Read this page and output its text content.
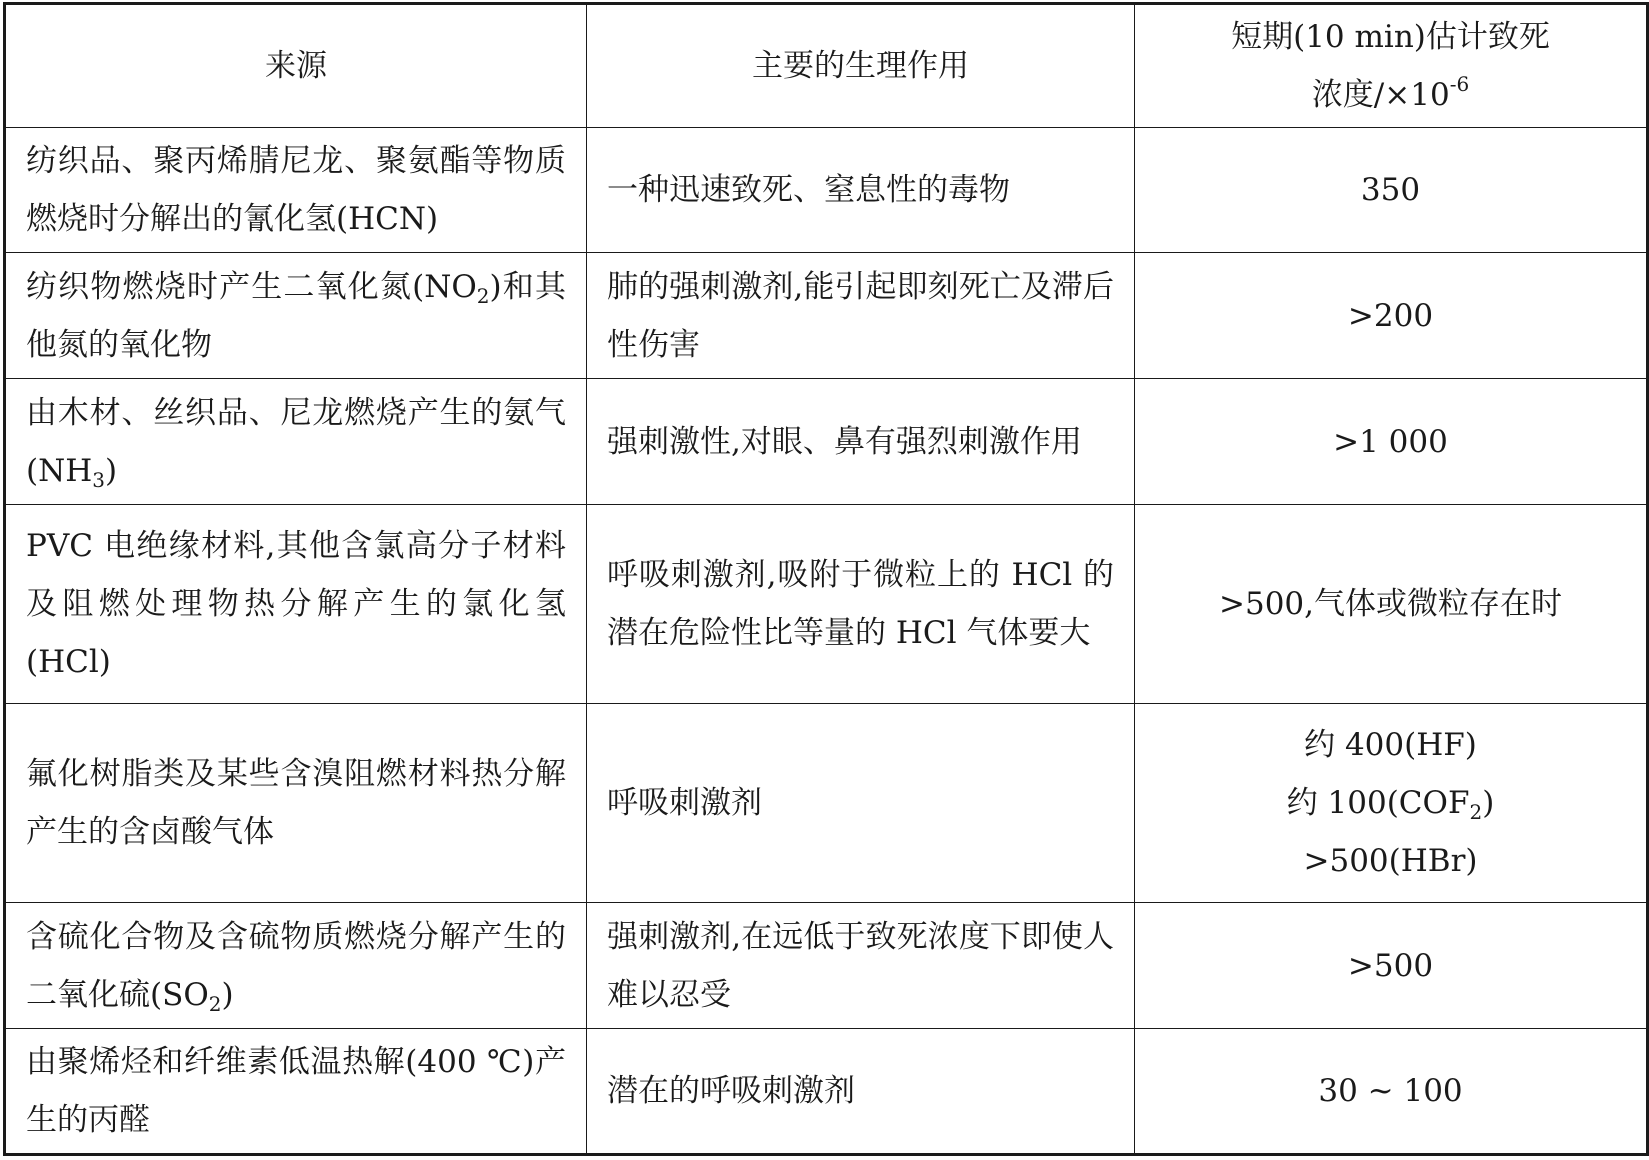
来源	主要的生理作用	短期(10 min)估计致死
浓度$/\times 10^{-6}$

纺织品、聚丙烯腈尼龙、聚氨酯等物质燃烧时分解出的氰化氢(HCN)	一种迅速致死、窒息性的毒物	350
纺织物燃烧时产生二氧化氮$(NO_2)$和其他氮的氧化物	肺的强刺激剂,能引起即刻死亡及滞后性伤害	>200
由木材、丝织品、尼龙燃烧产生的氨气$(NH_3)$	强刺激性,对眼、鼻有强烈刺激作用	>1 000
PVC 电绝缘材料,其他含氯高分子材料及阻燃处理物热分解产生的氯化氢(HCl)	呼吸刺激剂,吸附于微粒上的 HCl 的潜在危险性比等量的 HCl 气体要大	>500,气体或微粒存在时
氟化树脂类及某些含溴阻燃材料热分解产生的含卤酸气体	呼吸刺激剂	约 400(HF)
约 $100(COF_2)$
>500(HBr)

含硫化合物及含硫物质燃烧分解产生的二氧化硫$(SO_2)$	强刺激剂,在远低于致死浓度下即使人难以忍受	>500
由聚烯烃和纤维素低温热解(400 ℃)产生的丙醛	潜在的呼吸刺激剂	30 ~ 100
